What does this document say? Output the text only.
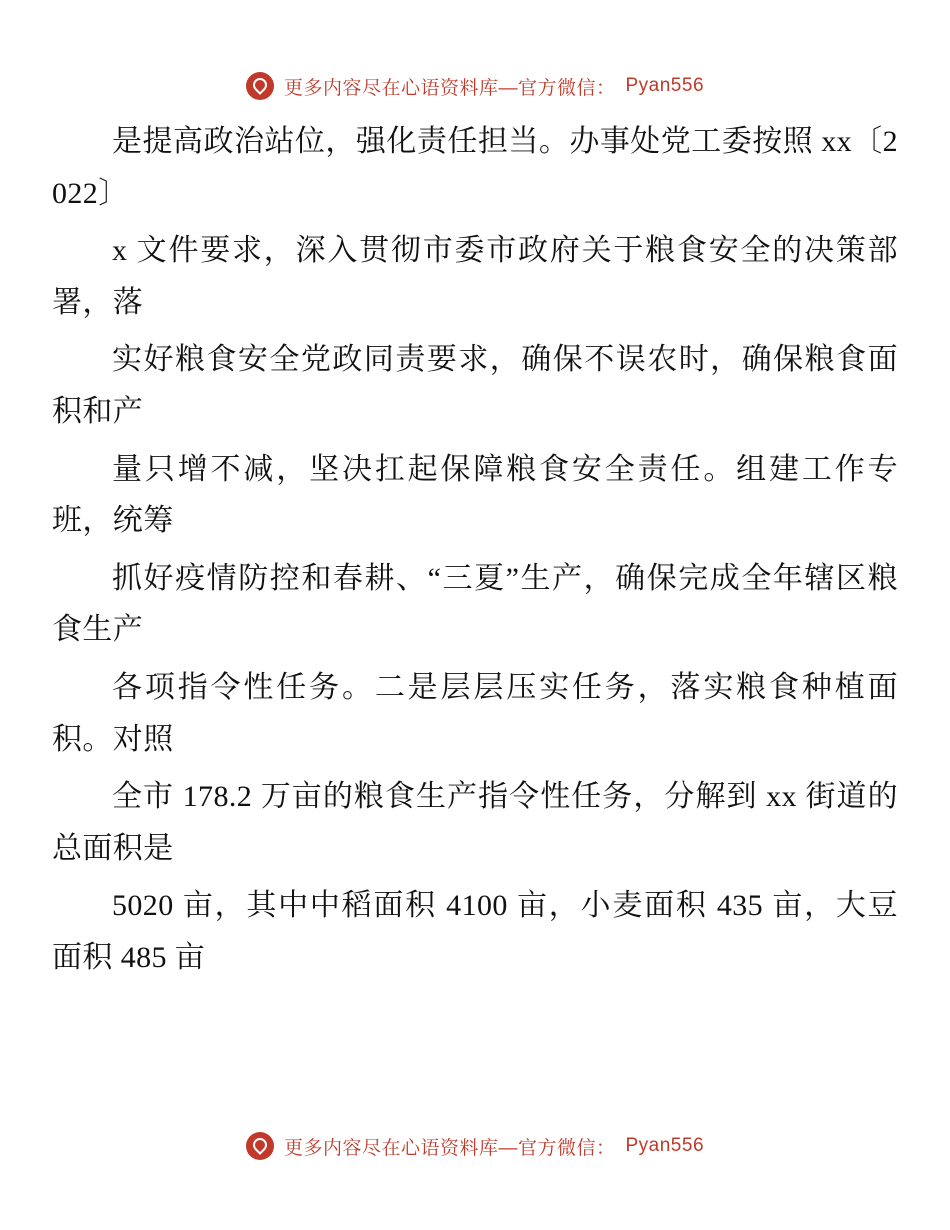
更多内容尽在心语资料库—官方微信： Pyan556

是提高政治站位，强化责任担当。办事处党工委按照 xx〔2022〕

x 文件要求，深入贯彻市委市政府关于粮食安全的决策部署，落

实好粮食安全党政同责要求，确保不误农时，确保粮食面积和产

量只增不减，坚决扛起保障粮食安全责任。组建工作专班，统筹

抓好疫情防控和春耕、“三夏”生产，确保完成全年辖区粮食生产

各项指令性任务。二是层层压实任务，落实粮食种植面积。对照

全市 178.2 万亩的粮食生产指令性任务，分解到 xx 街道的总面积是

5020 亩，其中中稻面积 4100 亩，小麦面积 435 亩，大豆面积 485 亩

更多内容尽在心语资料库—官方微信： Pyan556
